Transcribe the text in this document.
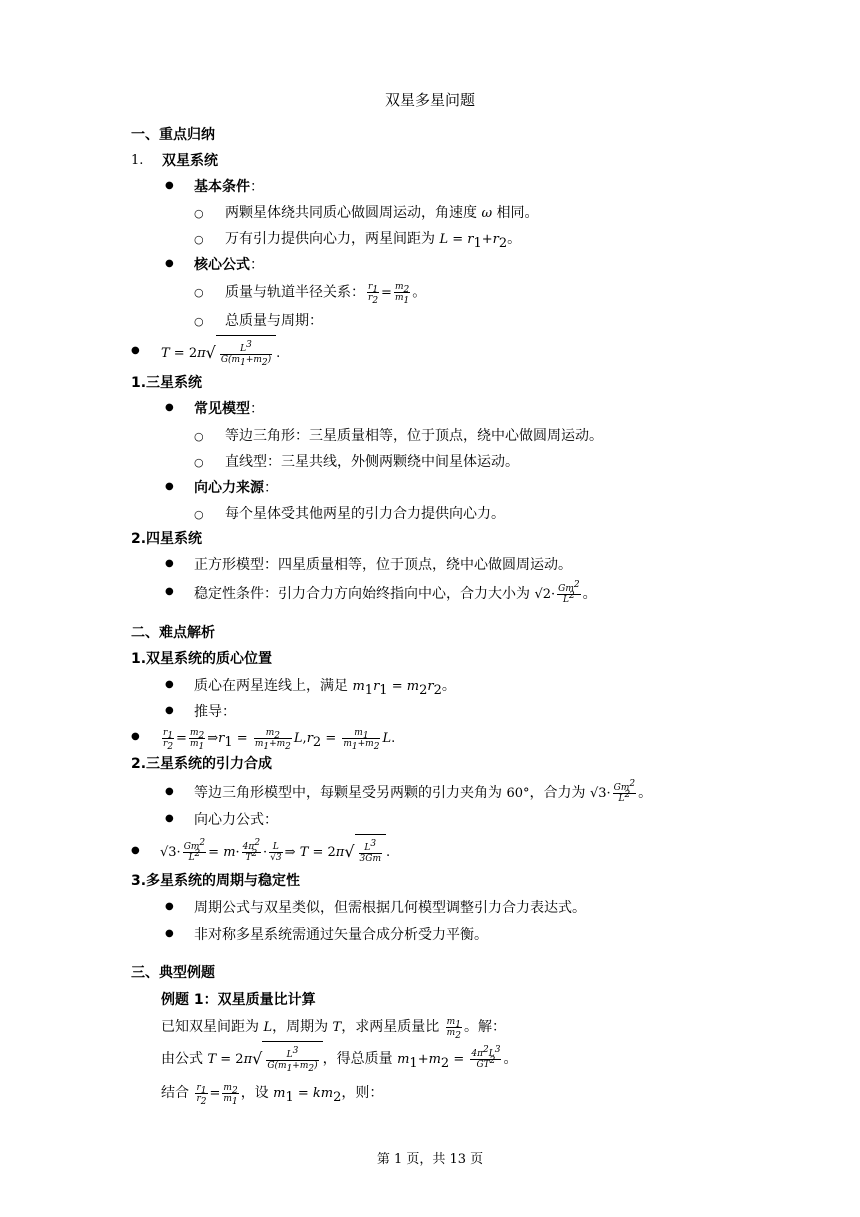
双星多星问题
一、重点归纳
1. 双星系统
● 基本条件：
○ 两颗星体绕共同质心做圆周运动，角速度 ω 相同。
○ 万有引力提供向心力，两星间距为 $L = r_1+r_2$。
● 核心公式：
○ 质量与轨道半径关系： $\frac{r_1}{r_2} = \frac{m_2}{m_1}$ 。
○ 总质量与周期：
● $T = 2\pi√ \frac{L^3}{G(m_1+m_2)}$ .
1.三星系统
● 常见模型：
○ 等边三角形：三星质量相等，位于顶点，绕中心做圆周运动。
○ 直线型：三星共线，外侧两颗绕中间星体运动。
● 向心力来源：
○ 每个星体受其他两星的引力合力提供向心力。
2.四星系统
● 正方形模型：四星质量相等，位于顶点，绕中心做圆周运动。
● 稳定性条件：引力合力方向始终指向中心，合力大小为 $√2\cdot \frac{Gm^2}{L^2}$ 。
二、难点解析
1.双星系统的质心位置
● 质心在两星连线上，满足 $m_1r_1 = m_2r_2$。
● 推导：
● $\frac{r_1}{r_2} = \frac{m_2}{m_1}$ $\Rightarrow r_1 = \frac{m_2}{m_1+m_2} L,r_2 = \frac{m_1}{m_1+m_2} L$.
2.三星系统的引力合成
● 等边三角形模型中，每颗星受另两颗的引力夹角为 60°，合力为 $√3\cdot \frac{Gm^2}{L^2}$ 。
● 向心力公式：
● $√3\cdot \frac{Gm^2}{L^2} = m\cdot \frac{4\pi^2}{T^2} \cdot \frac{L}{√3}$ ⇒ $T = 2\pi√ \frac{L^3}{3Gm}$ .
3.多星系统的周期与稳定性
● 周期公式与双星类似，但需根据几何模型调整引力合力表达式。
● 非对称多星系统需通过矢量合成分析受力平衡。
三、典型例题
例题 1：双星质量比计算
已知双星间距为 L，周期为 T，求两星质量比 $\frac{m_1}{m_2}$ 。解：
由公式 $T = 2\pi√ \frac{L^3}{G(m_1+m_2)}$ ，得总质量 $m_1+m_2 = \frac{4\pi^2L^3}{GT^2}$ 。
结合 $\frac{r_1}{r_2} = \frac{m_2}{m_1}$ ，设 $m_1 = km_2$，则：
第 1 页，共 13 页
